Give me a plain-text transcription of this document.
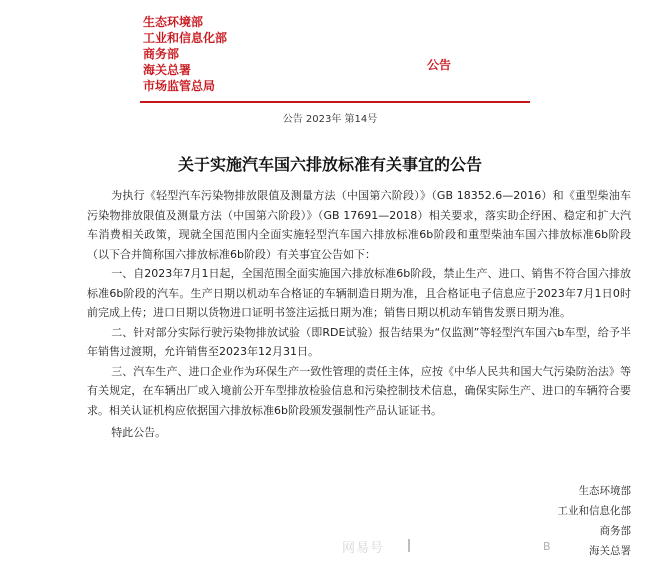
生态环境部
工业和信息化部
商务部
海关总署
市场监管总局
公告
公告 2023年 第14号
关于实施汽车国六排放标准有关事宜的公告

为执行《轻型汽车污染物排放限值及测量方法（中国第六阶段）》（GB 18352.6—2016）和《重型柴油车污染物排放限值及测量方法（中国第六阶段）》（GB 17691—2018）相关要求，落实助企纾困、稳定和扩大汽车消费相关政策，现就全国范围内全面实施轻型汽车国六排放标准6b阶段和重型柴油车国六排放标准6b阶段（以下合并简称国六排放标准6b阶段）有关事宜公告如下：

一、自2023年7月1日起，全国范围全面实施国六排放标准6b阶段，禁止生产、进口、销售不符合国六排放标准6b阶段的汽车。生产日期以机动车合格证的车辆制造日期为准，且合格证电子信息应于2023年7月1日0时前完成上传；进口日期以货物进口证明书签注运抵日期为准；销售日期以机动车销售发票日期为准。

二、针对部分实际行驶污染物排放试验（即RDE试验）报告结果为“仅监测”等轻型汽车国六b车型，给予半年销售过渡期，允许销售至2023年12月31日。

三、汽车生产、进口企业作为环保生产一致性管理的责任主体，应按《中华人民共和国大气污染防治法》等有关规定，在车辆出厂或入境前公开车型排放检验信息和污染控制技术信息，确保实际生产、进口的车辆符合要求。相关认证机构应依据国六排放标准6b阶段颁发强制性产品认证证书。

特此公告。

生态环境部
工业和信息化部
商务部
海关总署
网易号	B
